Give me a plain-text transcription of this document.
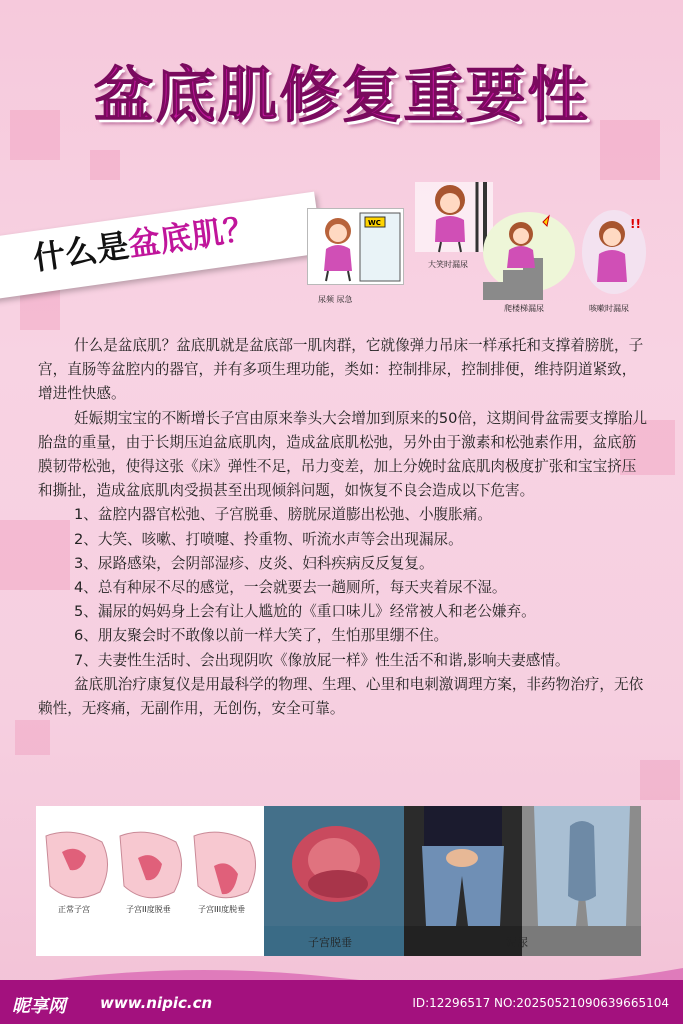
盆底肌修复重要性
什么是盆底肌？	WC
尿频 尿急
大笑时漏尿
爬楼梯漏尿
!!
咳嗽时漏尿

什么是盆底肌？盆底肌就是盆底部一肌肉群，它就像弹力吊床一样承托和支撑着膀胱，子宫，直肠等盆腔内的器官，并有多项生理功能，类如：控制排尿，控制排便，维持阴道紧致，增进性快感。

妊娠期宝宝的不断增长子宫由原来拳头大会增加到原来的50倍，这期间骨盆需要支撑胎儿胎盘的重量，由于长期压迫盆底肌肉，造成盆底肌松弛，另外由于激素和松弛素作用，盆底筋膜韧带松弛，使得这张《床》弹性不足，吊力变差，加上分娩时盆底肌肉极度扩张和宝宝挤压和撕扯，造成盆底肌肉受损甚至出现倾斜问题，如恢复不良会造成以下危害。

1、盆腔内器官松弛、子宫脱垂、膀胱尿道膨出松弛、小腹胀痛。

2、大笑、咳嗽、打喷嚏、拎重物、听流水声等会出现漏尿。

3、尿路感染，会阴部湿疹、皮炎、妇科疾病反反复复。

4、总有种尿不尽的感觉，一会就要去一趟厕所，每天夹着尿不湿。

5、漏尿的妈妈身上会有让人尴尬的《重口味儿》经常被人和老公嫌弃。

6、朋友聚会时不敢像以前一样大笑了，生怕那里绷不住。

7、夫妻性生活时、会出现阴吹《像放屁一样》性生活不和谐,影响夫妻感情。

盆底肌治疗康复仪是用最科学的物理、生理、心里和电刺激调理方案，非药物治疗，无依赖性，无疼痛，无副作用，无创伤，安全可靠。

正常子宫	子宫II度脱垂	子宫III度脱垂
子宫脱垂	漏尿
昵享网 www.nipic.cn	ID:12296517 NO:20250521090639665104
